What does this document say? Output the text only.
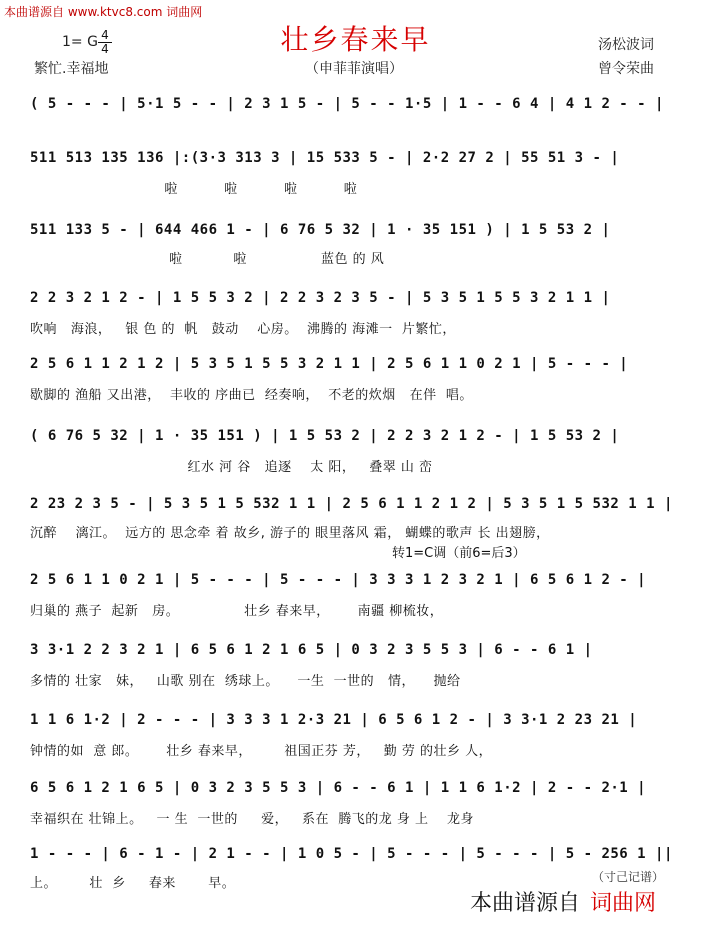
本曲谱源自 www.ktvc8.com 词曲网
壮乡春来早
1= G 4
4
繁忙.幸福地	（申菲菲演唱）
汤松波词
曾令荣曲
( 5 - - - | 5·1 5 - - | 2 3 1 5 - | 5 - - 1·5 | 1 - - 6 4 | 4 1 2 - - |
511 513 135 136 |:(3·3 313 3 | 15 533 5 - | 2·2 27 2 | 55 51 3 - |
啦          啦          啦          啦
511 133 5 - | 644 466 1 - | 6 76 5 32 | 1 · 35 151 ) | 1 5 53 2 |
啦           啦                蓝色 的 风
2 2 3 2 1 2 - | 1 5 5 3 2 | 2 2 3 2 3 5 - | 5 3 5 1 5 5 3 2 1 1 |
吹响   海浪，   银 色 的  帆   鼓动    心房。  沸腾的 海滩一  片繁忙，
2 5 6 1 1 2 1 2 | 5 3 5 1 5 5 3 2 1 1 | 2 5 6 1 1 0 2 1 | 5 - - - |
歇脚的 渔船 又出港，  丰收的 序曲已  经奏响，  不老的炊烟   在伴  唱。
( 6 76 5 32 | 1 · 35 151 ) | 1 5 53 2 | 2 2 3 2 1 2 - | 1 5 53 2 |
红水 河 谷   追逐    太 阳，   叠翠 山 峦
2 23 2 3 5 - | 5 3 5 1 5 532 1 1 | 2 5 6 1 1 2 1 2 | 5 3 5 1 5 532 1 1 |
沉醉    漓江。  远方的 思念牵 着 故乡, 游子的 眼里落风 霜， 蝴蝶的歌声 长 出翅膀，
转1=C调（前6=后3）
2 5 6 1 1 0 2 1 | 5 - - - | 5 - - - | 3 3 3 1 2 3 2 1 | 6 5 6 1 2 - |
归巢的 燕子  起新   房。              壮乡 春来早，      南疆 柳梳妆，
3 3·1 2 2 3 2 1 | 6 5 6 1 2 1 6 5 | 0 3 2 3 5 5 3 | 6 - - 6 1 |
多情的 壮家   妹，   山歌 别在  绣球上。    一生  一世的   情，    抛给
1 1 6 1·2 | 2 - - - | 3 3 3 1 2·3 21 | 6 5 6 1 2 - | 3 3·1 2 23 21 |
钟情的如  意 郎。      壮乡 春来早，       祖国正芬 芳，   勤 劳 的壮乡 人，
6 5 6 1 2 1 6 5 | 0 3 2 3 5 5 3 | 6 - - 6 1 | 1 1 6 1·2 | 2 - - 2·1 |
幸福织在 壮锦上。   一 生  一世的     爱，   系在  腾飞的龙 身 上    龙身
1 - - - | 6 - 1 - | 2 1 - - | 1 0 5 - | 5 - - - | 5 - - - | 5 - 256 1 ||
上。       壮  乡     春来       早。	（寸己记谱）
本曲谱源自 词曲网
